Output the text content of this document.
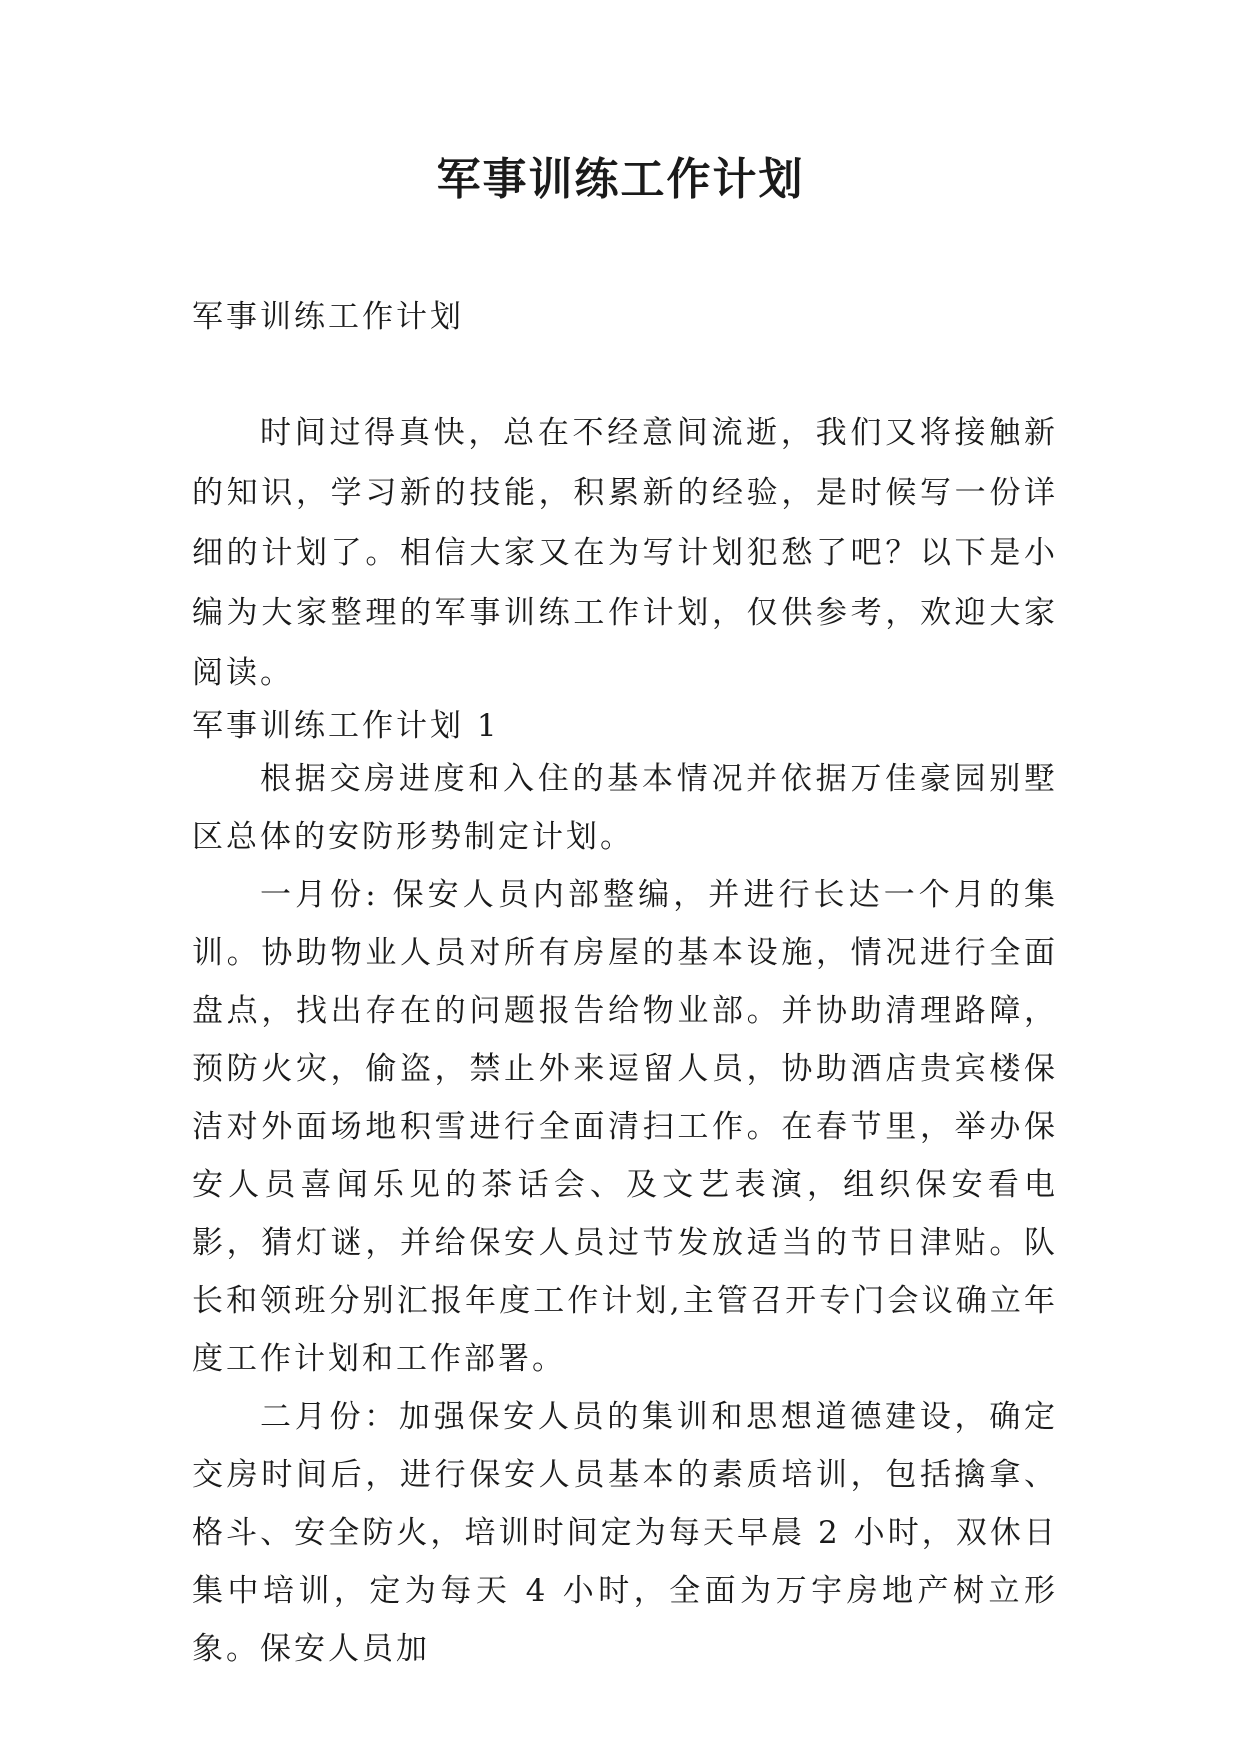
军事训练工作计划

军事训练工作计划

时间过得真快，总在不经意间流逝，我们又将接触新的知识，学习新的技能，积累新的经验，是时候写一份详细的计划了。相信大家又在为写计划犯愁了吧？以下是小编为大家整理的军事训练工作计划，仅供参考，欢迎大家阅读。

军事训练工作计划 1

根据交房进度和入住的基本情况并依据万佳豪园别墅区总体的安防形势制定计划。

一月份: 保安人员内部整编，并进行长达一个月的集训。协助物业人员对所有房屋的基本设施，情况进行全面盘点，找出存在的问题报告给物业部。并协助清理路障，预防火灾，偷盗，禁止外来逗留人员，协助酒店贵宾楼保洁对外面场地积雪进行全面清扫工作。在春节里，举办保安人员喜闻乐见的茶话会、及文艺表演，组织保安看电影，猜灯谜，并给保安人员过节发放适当的节日津贴。队长和领班分别汇报年度工作计划,主管召开专门会议确立年度工作计划和工作部署。

二月份：加强保安人员的集训和思想道德建设，确定交房时间后，进行保安人员基本的素质培训，包括擒拿、格斗、安全防火，培训时间定为每天早晨 2 小时，双休日集中培训，定为每天 4 小时，全面为万宇房地产树立形象。保安人员加
